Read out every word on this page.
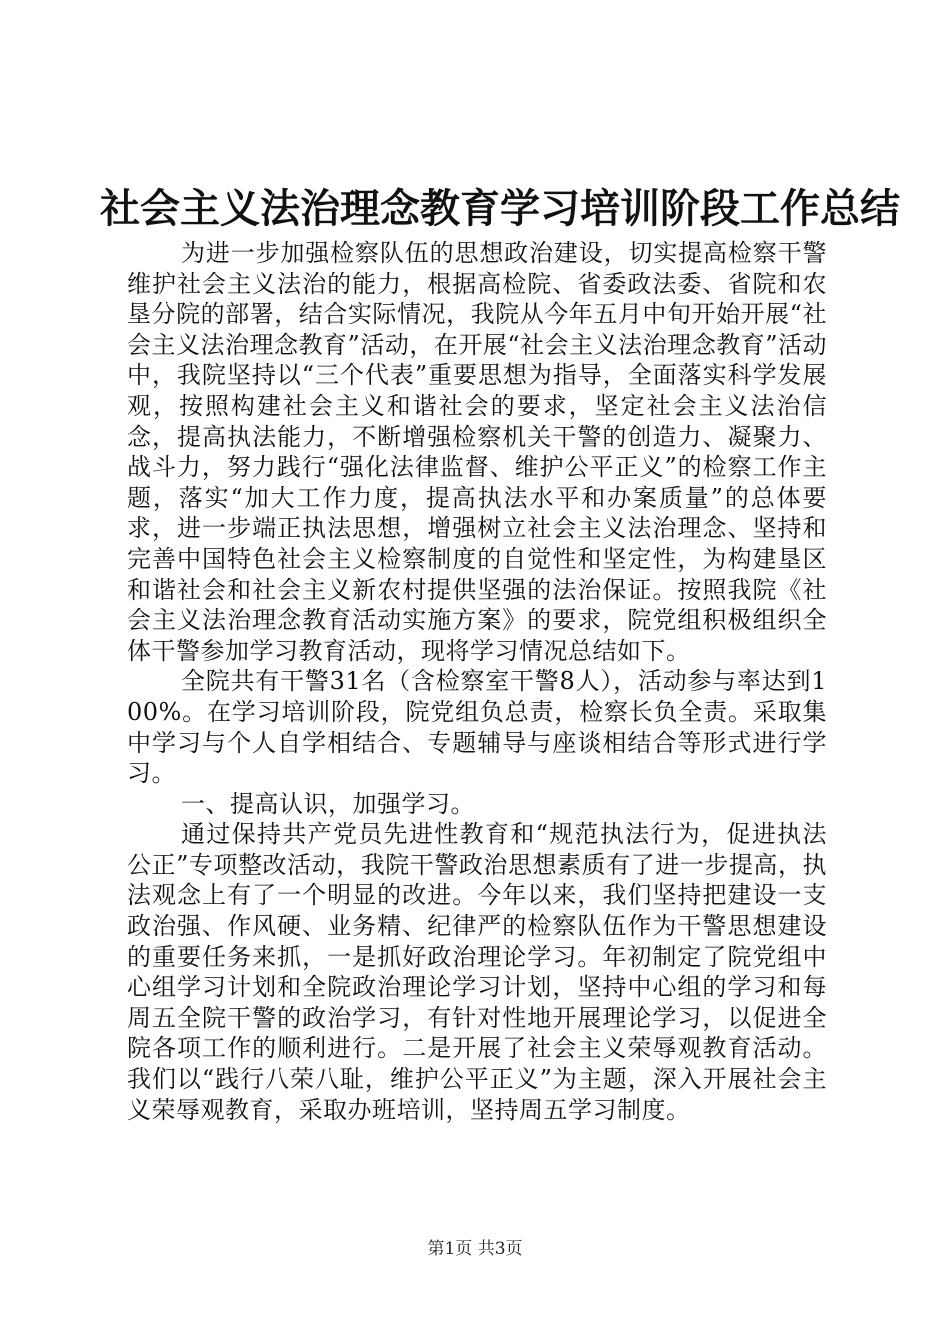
社会主义法治理念教育学习培训阶段工作总结

为进一步加强检察队伍的思想政治建设，切实提高检察干警维护社会主义法治的能力，根据高检院、省委政法委、省院和农垦分院的部署，结合实际情况，我院从今年五月中旬开始开展“社会主义法治理念教育”活动，在开展“社会主义法治理念教育”活动中，我院坚持以“三个代表”重要思想为指导，全面落实科学发展观，按照构建社会主义和谐社会的要求，坚定社会主义法治信念，提高执法能力，不断增强检察机关干警的创造力、凝聚力、战斗力，努力践行“强化法律监督、维护公平正义”的检察工作主题，落实“加大工作力度，提高执法水平和办案质量”的总体要求，进一步端正执法思想，增强树立社会主义法治理念、坚持和完善中国特色社会主义检察制度的自觉性和坚定性，为构建垦区和谐社会和社会主义新农村提供坚强的法治保证。按照我院《社会主义法治理念教育活动实施方案》的要求，院党组积极组织全体干警参加学习教育活动，现将学习情况总结如下。

全院共有干警31名（含检察室干警8人），活动参与率达到100%。在学习培训阶段，院党组负总责，检察长负全责。采取集中学习与个人自学相结合、专题辅导与座谈相结合等形式进行学习。

一、提高认识，加强学习。

通过保持共产党员先进性教育和“规范执法行为，促进执法公正”专项整改活动，我院干警政治思想素质有了进一步提高，执法观念上有了一个明显的改进。今年以来，我们坚持把建设一支政治强、作风硬、业务精、纪律严的检察队伍作为干警思想建设的重要任务来抓，一是抓好政治理论学习。年初制定了院党组中心组学习计划和全院政治理论学习计划，坚持中心组的学习和每周五全院干警的政治学习，有针对性地开展理论学习，以促进全院各项工作的顺利进行。二是开展了社会主义荣辱观教育活动。我们以“践行八荣八耻，维护公平正义”为主题，深入开展社会主义荣辱观教育，采取办班培训，坚持周五学习制度。

第1页 共3页
